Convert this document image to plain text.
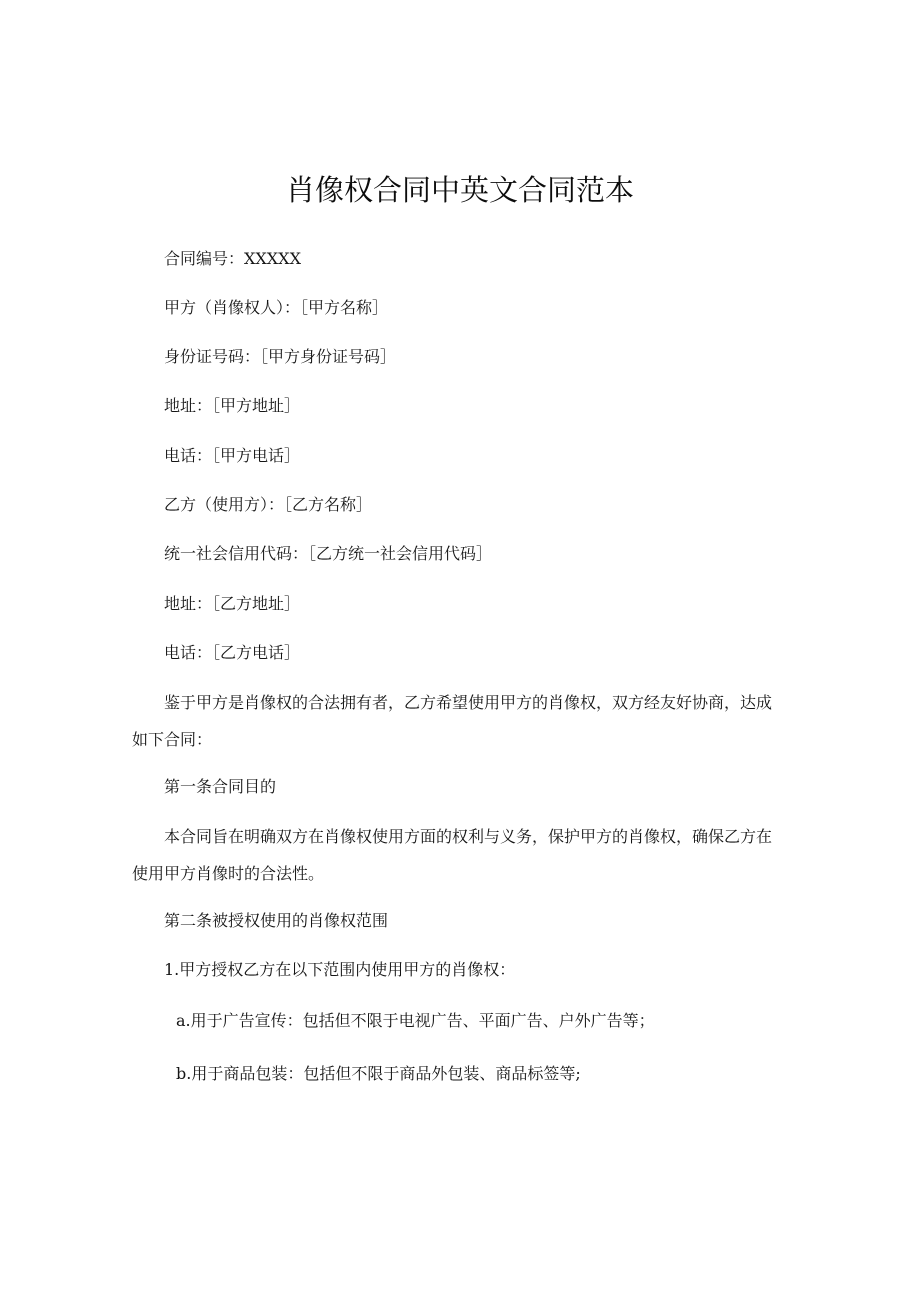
肖像权合同中英文合同范本
合同编号：XXXXX
甲方（肖像权人）：［甲方名称］
身份证号码：［甲方身份证号码］
地址：［甲方地址］
电话：［甲方电话］
乙方（使用方）：［乙方名称］
统一社会信用代码：［乙方统一社会信用代码］
地址：［乙方地址］
电话：［乙方电话］
鉴于甲方是肖像权的合法拥有者，乙方希望使用甲方的肖像权，双方经友好协商，达成如下合同：
第一条合同目的
本合同旨在明确双方在肖像权使用方面的权利与义务，保护甲方的肖像权，确保乙方在使用甲方肖像时的合法性。
第二条被授权使用的肖像权范围
1.甲方授权乙方在以下范围内使用甲方的肖像权：
a.用于广告宣传：包括但不限于电视广告、平面广告、户外广告等；
b.用于商品包装：包括但不限于商品外包装、商品标签等;
